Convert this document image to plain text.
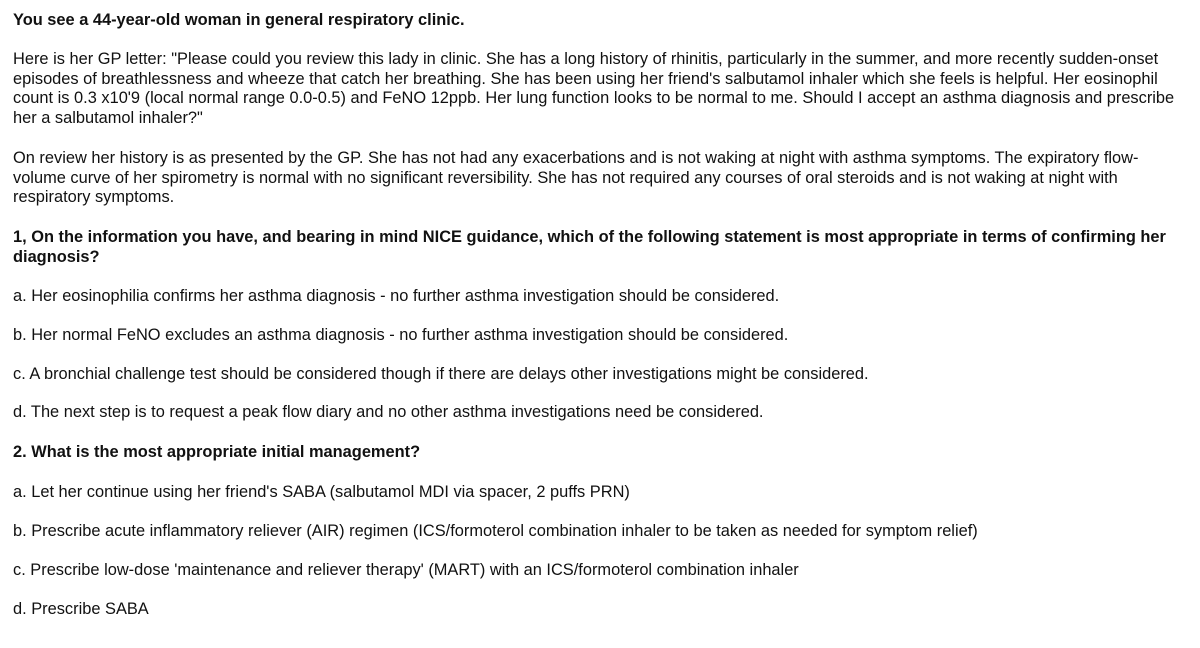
You see a 44-year-old woman in general respiratory clinic.

Here is her GP letter: "Please could you review this lady in clinic. She has a long history of rhinitis, particularly in the summer, and more recently sudden-onset episodes of breathlessness and wheeze that catch her breathing. She has been using her friend's salbutamol inhaler which she feels is helpful. Her eosinophil count is 0.3 x10'9 (local normal range 0.0-0.5) and FeNO 12ppb. Her lung function looks to be normal to me. Should I accept an asthma diagnosis and prescribe her a salbutamol inhaler?"

On review her history is as presented by the GP. She has not had any exacerbations and is not waking at night with asthma symptoms. The expiratory flow-volume curve of her spirometry is normal with no significant reversibility. She has not required any courses of oral steroids and is not waking at night with respiratory symptoms.

1, On the information you have, and bearing in mind NICE guidance, which of the following statement is most appropriate in terms of confirming her diagnosis?

a. Her eosinophilia confirms her asthma diagnosis - no further asthma investigation should be considered.

b. Her normal FeNO excludes an asthma diagnosis - no further asthma investigation should be considered.

c. A bronchial challenge test should be considered though if there are delays other investigations might be considered.

d. The next step is to request a peak flow diary and no other asthma investigations need be considered.

2. What is the most appropriate initial management?

a. Let her continue using her friend's SABA (salbutamol MDI via spacer, 2 puffs PRN)

b. Prescribe acute inflammatory reliever (AIR) regimen (ICS/formoterol combination inhaler to be taken as needed for symptom relief)

c. Prescribe low-dose 'maintenance and reliever therapy' (MART) with an ICS/formoterol combination inhaler

d. Prescribe SABA
